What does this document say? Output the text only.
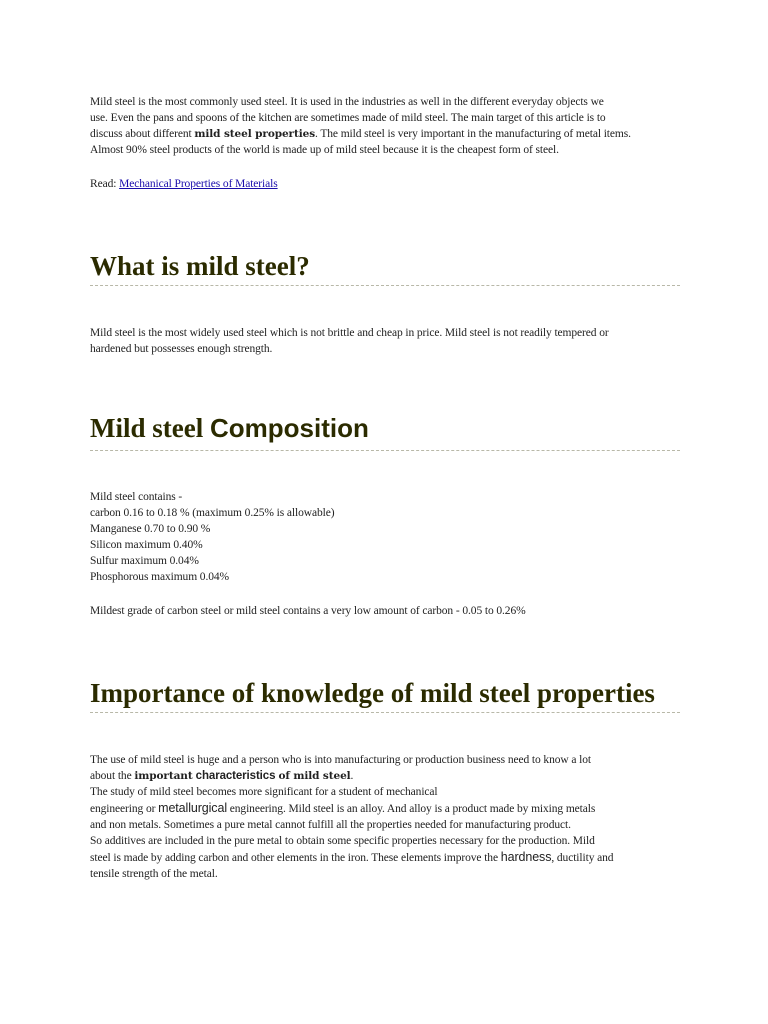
Mild steel is the most commonly used steel. It is used in the industries as well in the different everyday objects we
use. Even the pans and spoons of the kitchen are sometimes made of mild steel. The main target of this article is to
discuss about different mild steel properties. The mild steel is very important in the manufacturing of metal items.
Almost 90% steel products of the world is made up of mild steel because it is the cheapest form of steel.
Read: Mechanical Properties of Materials
What is mild steel?
Mild steel is the most widely used steel which is not brittle and cheap in price. Mild steel is not readily tempered or
hardened but possesses enough strength.
Mild steel Composition
Mild steel contains -
carbon 0.16 to 0.18 % (maximum 0.25% is allowable)
Manganese 0.70 to 0.90 %
Silicon maximum 0.40%
Sulfur maximum 0.04%
Phosphorous maximum 0.04%
Mildest grade of carbon steel or mild steel contains a very low amount of carbon - 0.05 to 0.26%
Importance of knowledge of mild steel properties
The use of mild steel is huge and a person who is into manufacturing or production business need to know a lot
about the important characteristics of mild steel.
The study of mild steel becomes more significant for a student of mechanical
engineering or metallurgical engineering. Mild steel is an alloy. And alloy is a product made by mixing metals
and non metals. Sometimes a pure metal cannot fulfill all the properties needed for manufacturing product.
So additives are included in the pure metal to obtain some specific properties necessary for the production. Mild
steel is made by adding carbon and other elements in the iron. These elements improve the hardness, ductility and
tensile strength of the metal.
